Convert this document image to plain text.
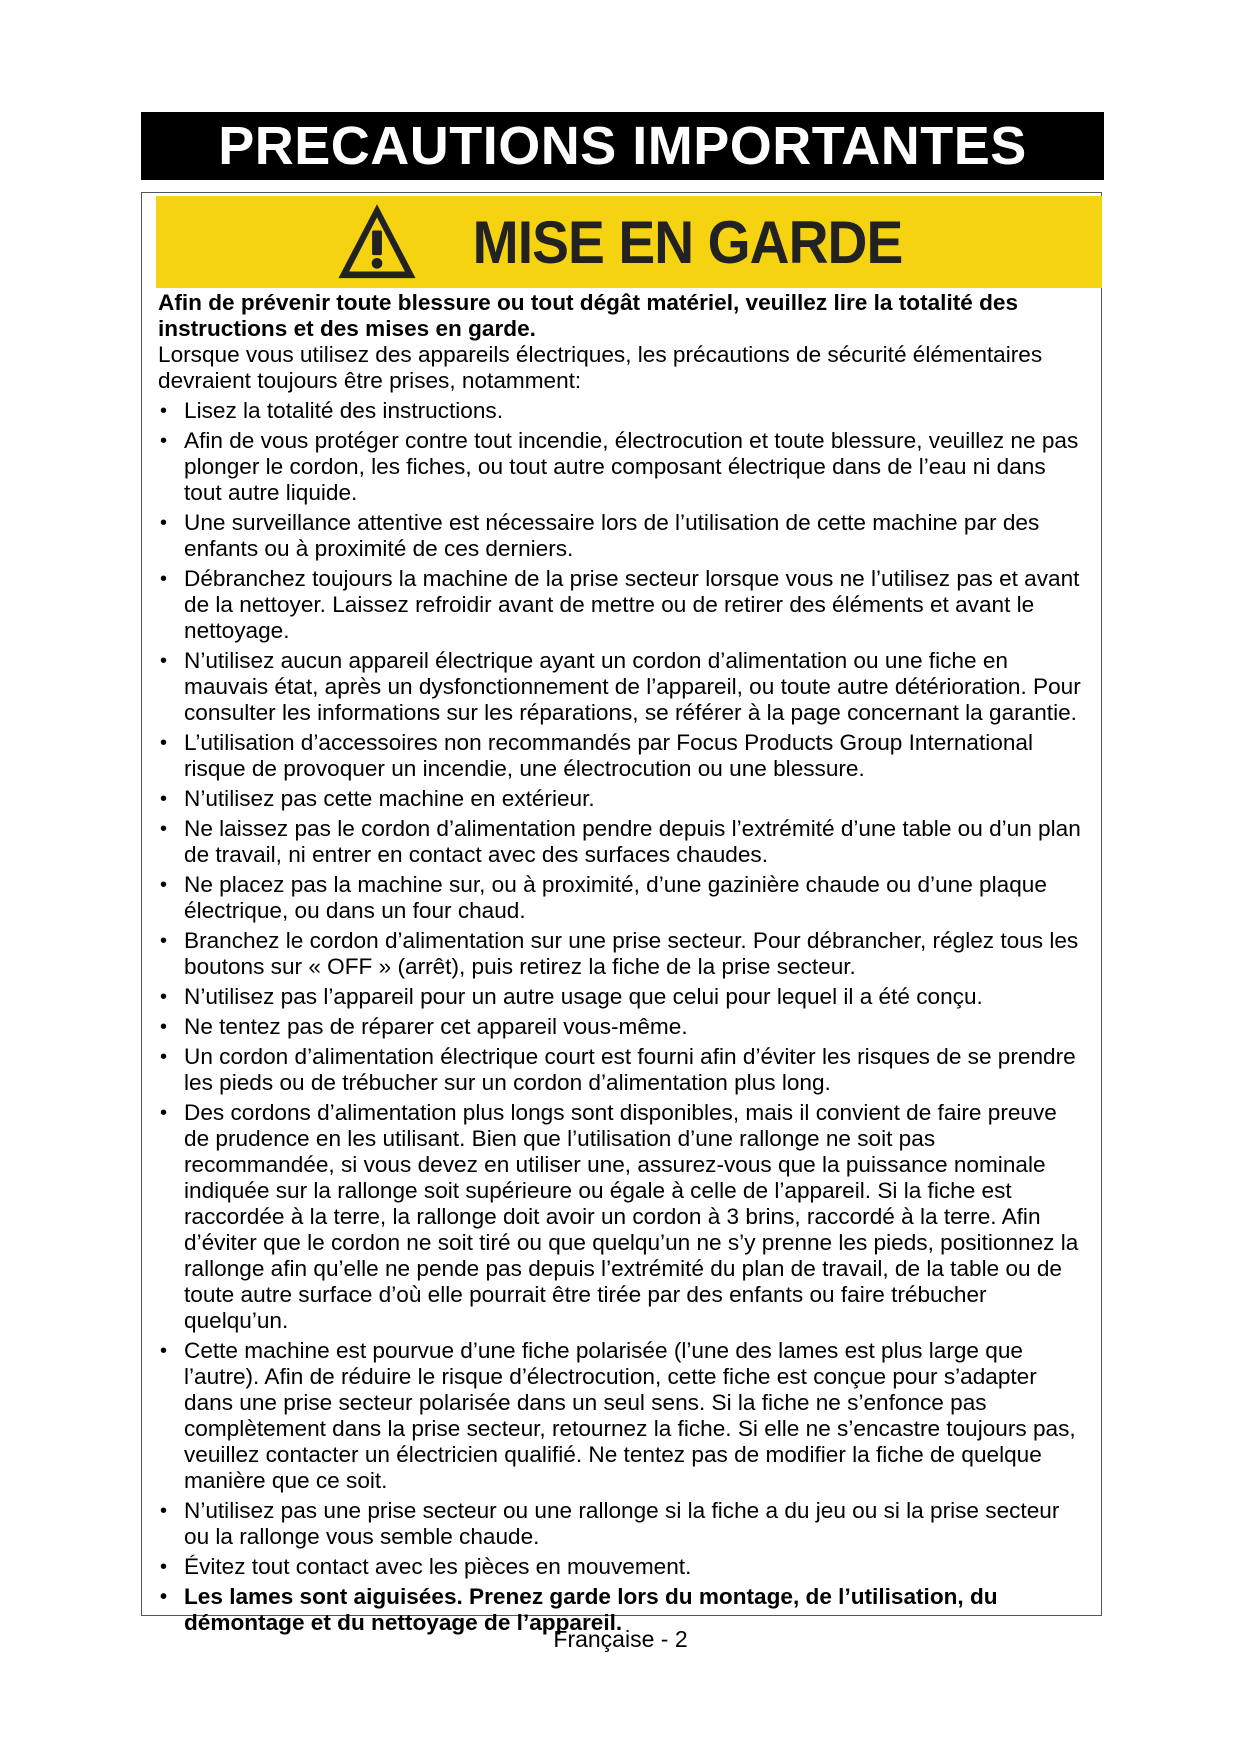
PRECAUTIONS IMPORTANTES
MISE EN GARDE

Afin de prévenir toute blessure ou tout dégât matériel, veuillez lire la totalité des instructions et des mises en garde.

Lorsque vous utilisez des appareils électriques, les précautions de sécurité élémentaires devraient toujours être prises, notamment:

• Lisez la totalité des instructions.
• Afin de vous protéger contre tout incendie, électrocution et toute blessure, veuillez ne pas plonger le cordon, les fiches, ou tout autre composant électrique dans de l’eau ni dans tout autre liquide.
• Une surveillance attentive est nécessaire lors de l’utilisation de cette machine par des enfants ou à proximité de ces derniers.
• Débranchez toujours la machine de la prise secteur lorsque vous ne l’utilisez pas et avant de la nettoyer. Laissez refroidir avant de mettre ou de retirer des éléments et avant le nettoyage.
• N’utilisez aucun appareil électrique ayant un cordon d’alimentation ou une fiche en mauvais état, après un dysfonctionnement de l’appareil, ou toute autre détérioration. Pour consulter les informations sur les réparations, se référer à la page concernant la garantie.
• L’utilisation d’accessoires non recommandés par Focus Products Group International risque de provoquer un incendie, une électrocution ou une blessure.
• N’utilisez pas cette machine en extérieur.
• Ne laissez pas le cordon d’alimentation pendre depuis l’extrémité d’une table ou d’un plan de travail, ni entrer en contact avec des surfaces chaudes.
• Ne placez pas la machine sur, ou à proximité, d’une gazinière chaude ou d’une plaque électrique, ou dans un four chaud.
• Branchez le cordon d’alimentation sur une prise secteur. Pour débrancher, réglez tous les boutons sur « OFF » (arrêt), puis retirez la fiche de la prise secteur.
• N’utilisez pas l’appareil pour un autre usage que celui pour lequel il a été conçu.
• Ne tentez pas de réparer cet appareil vous-même.
• Un cordon d’alimentation électrique court est fourni afin d’éviter les risques de se prendre les pieds ou de trébucher sur un cordon d’alimentation plus long.
• Des cordons d’alimentation plus longs sont disponibles, mais il convient de faire preuve de prudence en les utilisant. Bien que l’utilisation d’une rallonge ne soit pas recommandée, si vous devez en utiliser une, assurez-vous que la puissance nominale indiquée sur la rallonge soit supérieure ou égale à celle de l’appareil. Si la fiche est raccordée à la terre, la rallonge doit avoir un cordon à 3 brins, raccordé à la terre. Afin d’éviter que le cordon ne soit tiré ou que quelqu’un ne s’y prenne les pieds, positionnez la rallonge afin qu’elle ne pende pas depuis l’extrémité du plan de travail, de la table ou de toute autre surface d’où elle pourrait être tirée par des enfants ou faire trébucher quelqu’un.
• Cette machine est pourvue d’une fiche polarisée (l’une des lames est plus large que l’autre). Afin de réduire le risque d’électrocution, cette fiche est conçue pour s’adapter dans une prise secteur polarisée dans un seul sens. Si la fiche ne s’enfonce pas complètement dans la prise secteur, retournez la fiche. Si elle ne s’encastre toujours pas, veuillez contacter un électricien qualifié. Ne tentez pas de modifier la fiche de quelque manière que ce soit.
• N’utilisez pas une prise secteur ou une rallonge si la fiche a du jeu ou si la prise secteur ou la rallonge vous semble chaude.
• Évitez tout contact avec les pièces en mouvement.
• Les lames sont aiguisées. Prenez garde lors du montage, de l’utilisation, du démontage et du nettoyage de l’appareil.
Française - 2
